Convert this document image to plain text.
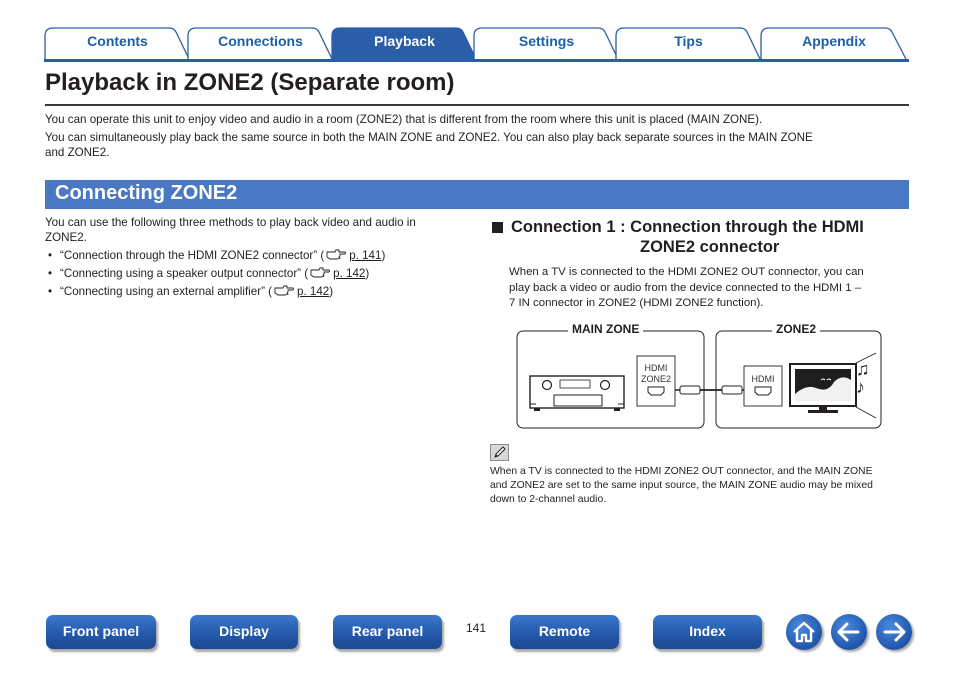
Contents	Connections	Playback	Settings	Tips	Appendix
Playback in ZONE2 (Separate room)
You can operate this unit to enjoy video and audio in a room (ZONE2) that is different from the room where this unit is placed (MAIN ZONE).
You can simultaneously play back the same source in both the MAIN ZONE and ZONE2. You can also play back separate sources in the MAIN ZONE
and ZONE2.
Connecting ZONE2
You can use the following three methods to play back video and audio in
ZONE2.
• “Connection through the HDMI ZONE2 connector” ( p. 141)
• “Connecting using a speaker output connector” ( p. 142)
• “Connecting using an external amplifier” ( p. 142)
Connection 1 : Connection through the HDMI
ZONE2 connector
When a TV is connected to the HDMI ZONE2 OUT connector, you can
play back a video or audio from the device connected to the HDMI 1 –
7 IN connector in ZONE2 (HDMI ZONE2 function).
MAIN ZONE	ZONE2
HDMI
ZONE2	HDMI	♫
♪
When a TV is connected to the HDMI ZONE2 OUT connector, and the MAIN ZONE
and ZONE2 are set to the same input source, the MAIN ZONE audio may be mixed
down to 2-channel audio.
Front panel	Display	Rear panel	141	Remote	Index
